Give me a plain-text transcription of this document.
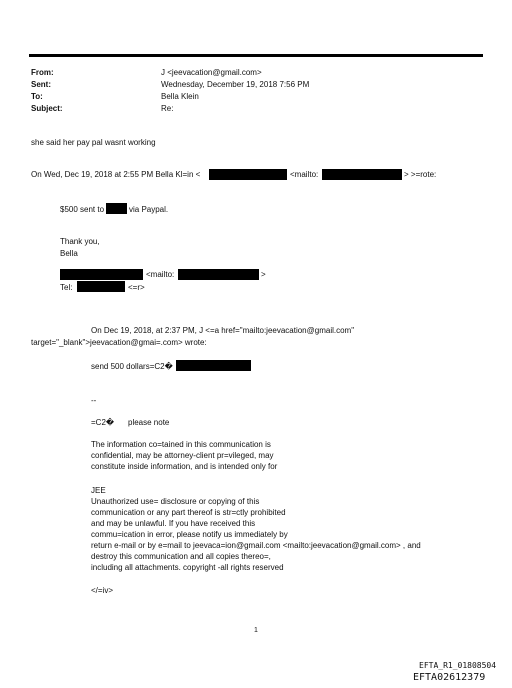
From:	J <jeevacation@gmail.com>
Sent:	Wednesday, December 19, 2018 7:56 PM
To:	Bella Klein
Subject:	Re:
she said her pay pal wasnt working
On Wed, Dec 19, 2018 at 2:55 PM Bella Kl=in <	<mailto:	> >=rote:
$500 sent to	via Paypal.
Thank you,
Bella
<mailto:	>
Tel:	<=r>
On Dec 19, 2018, at 2:37 PM, J <=a href="mailto:jeevacation@gmail.com"
target="_blank">jeevacation@gmai=.com> wrote:
send 500 dollars=C2�
--
=C2� please note
The information co=tained in this communication is
confidential, may be attorney-client pr=vileged, may
constitute inside information, and is intended only for
JEE
Unauthorized use= disclosure or copying of this
communication or any part thereof is str=ctly prohibited
and may be unlawful. If you have received this
commu=ication in error, please notify us immediately by
return e-mail or by e=mail to jeevaca=ion@gmail.com <mailto:jeevacation@gmail.com> , and
destroy this communication and all copies thereo=,
including all attachments. copyright -all rights reserved
</=iv>
1
EFTA_R1_01808504
EFTA02612379
